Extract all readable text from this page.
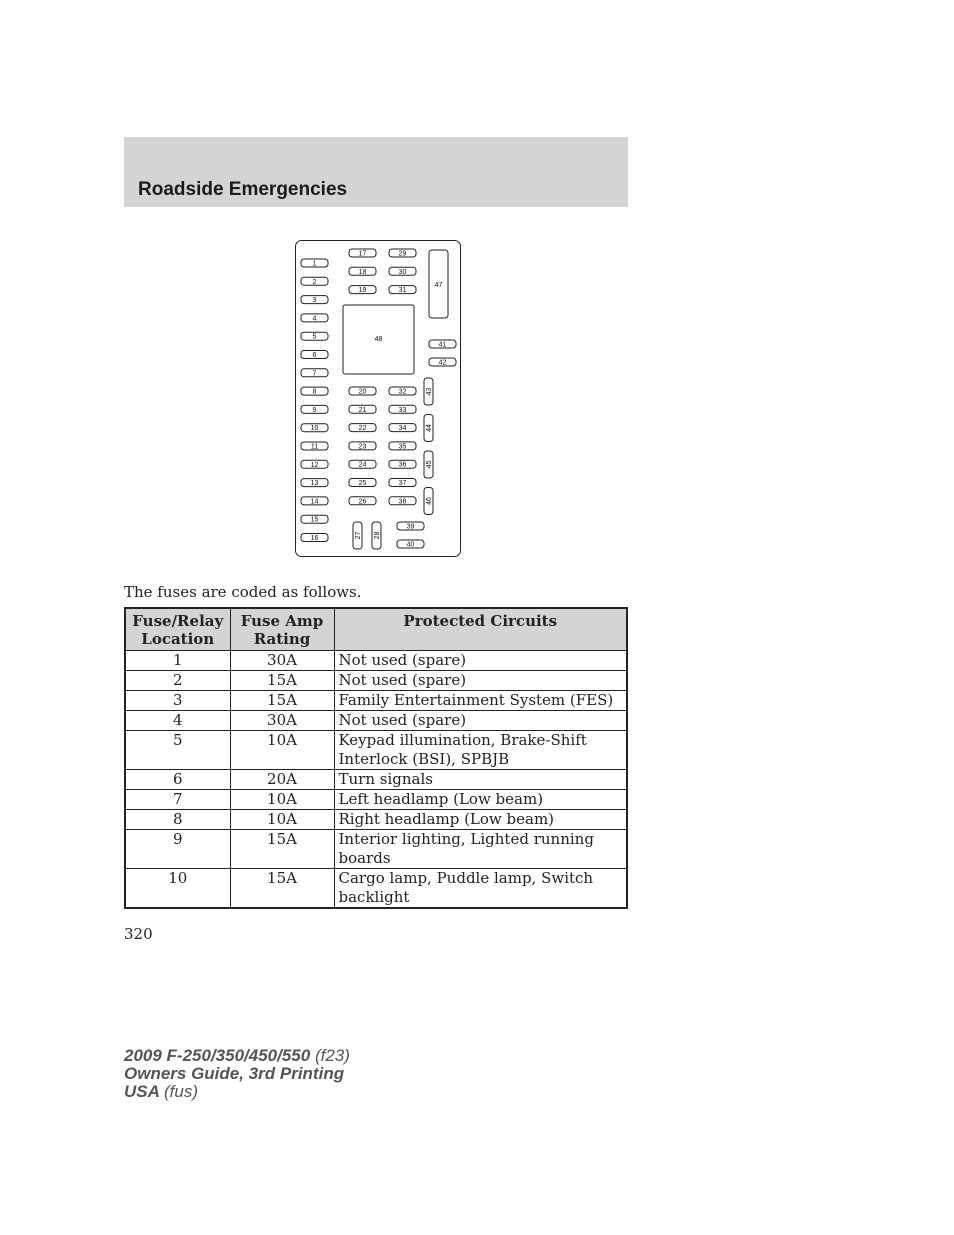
Roadside Emergencies
1
2
3
4
5
6
7
8
9
10
11
12
13
14
15
16
17	29
18	30
19	31
48
47
41
42
20	32
21	33
22	34
23	35
24	36
25	37
26	38
43
44
45
46
27 28
39
40
The fuses are coded as follows.
Fuse/Relay Location	Fuse Amp Rating	Protected Circuits
1	30A	Not used (spare)
2	15A	Not used (spare)
3	15A	Family Entertainment System (FES)
4	30A	Not used (spare)
5	10A	Keypad illumination, Brake-Shift Interlock (BSI), SPBJB
6	20A	Turn signals
7	10A	Left headlamp (Low beam)
8	10A	Right headlamp (Low beam)
9	15A	Interior lighting, Lighted running boards
10	15A	Cargo lamp, Puddle lamp, Switch backlight
320
2009 F-250/350/450/550 (f23)
Owners Guide, 3rd Printing
USA (fus)
